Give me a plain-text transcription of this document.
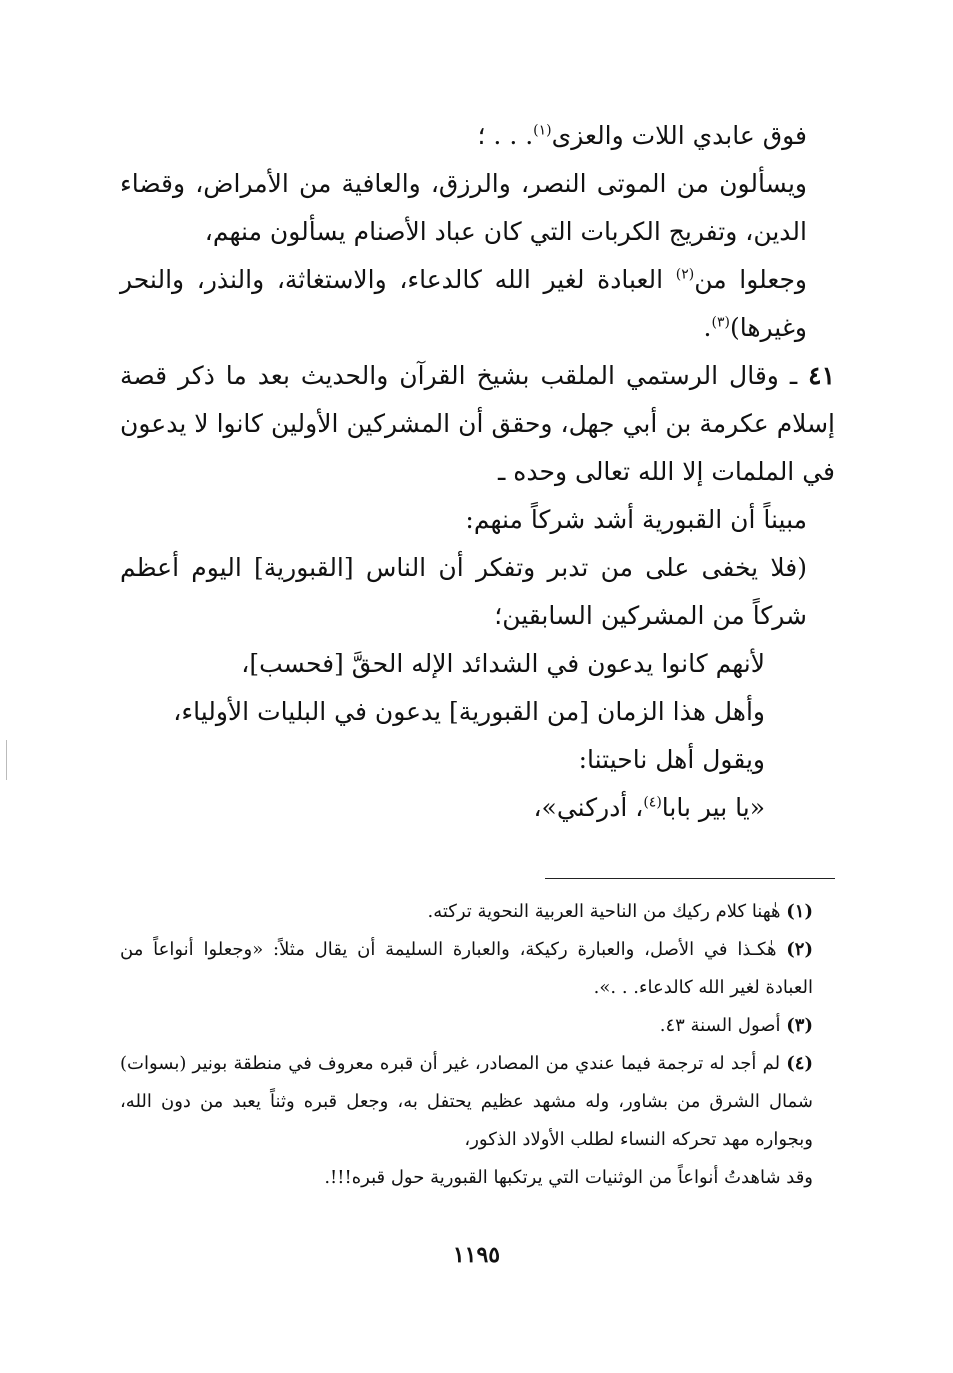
فوق عابدي اللات والعزى$^{(١)}$. . . ؛

ويسألون من الموتى النصر، والرزق، والعافية من الأمراض، وقضاء الدين، وتفريج الكربات التي كان عباد الأصنام يسألون منهم،

وجعلوا من$^{(٢)}$ العبادة لغير الله كالدعاء، والاستغاثة، والنذر، والنحر وغيرها)$^{(٣)}$.

٤١ ـ وقال الرستمي الملقب بشيخ القرآن والحديث بعد ما ذكر قصة إسلام عكرمة بن أبي جهل، وحقق أن المشركين الأولين كانوا لا يدعون في الملمات إلا الله تعالى وحده ـ

مبيناً أن القبورية أشد شركاً منهم:

(فلا يخفى على من تدبر وتفكر أن الناس [القبورية] اليوم أعظم شركاً من المشركين السابقين؛

لأنهم كانوا يدعون في الشدائد الإله الحقَّ [فحسب]،

وأهل هذا الزمان [من القبورية] يدعون في البليات الأولياء،

ويقول أهل ناحيتنا:

«يا بير بابا$^{(٤)}$، أدركني»،

(١) هٰهنا كلام ركيك من الناحية العربية النحوية تركته.

(٢) هٰكـذا في الأصل، والعبارة ركيكة، والعبارة السليمة أن يقال مثلاً: «وجعلوا أنواعاً من العبادة لغير الله كالدعاء. . .».

(٣) أصول السنة ٤٣.

(٤) لم أجد له ترجمة فيما عندي من المصادر، غير أن قبره معروف في منطقة بونير (بسوات) شمال الشرق من بشاور، وله مشهد عظيم يحتفل به، وجعل قبره وثناً يعبد من دون الله، وبجواره مهد تحركه النساء لطلب الأولاد الذكور،

وقد شاهدتُ أنواعاً من الوثنيات التي يرتكبها القبورية حول قبره!!!.

١١٩٥
